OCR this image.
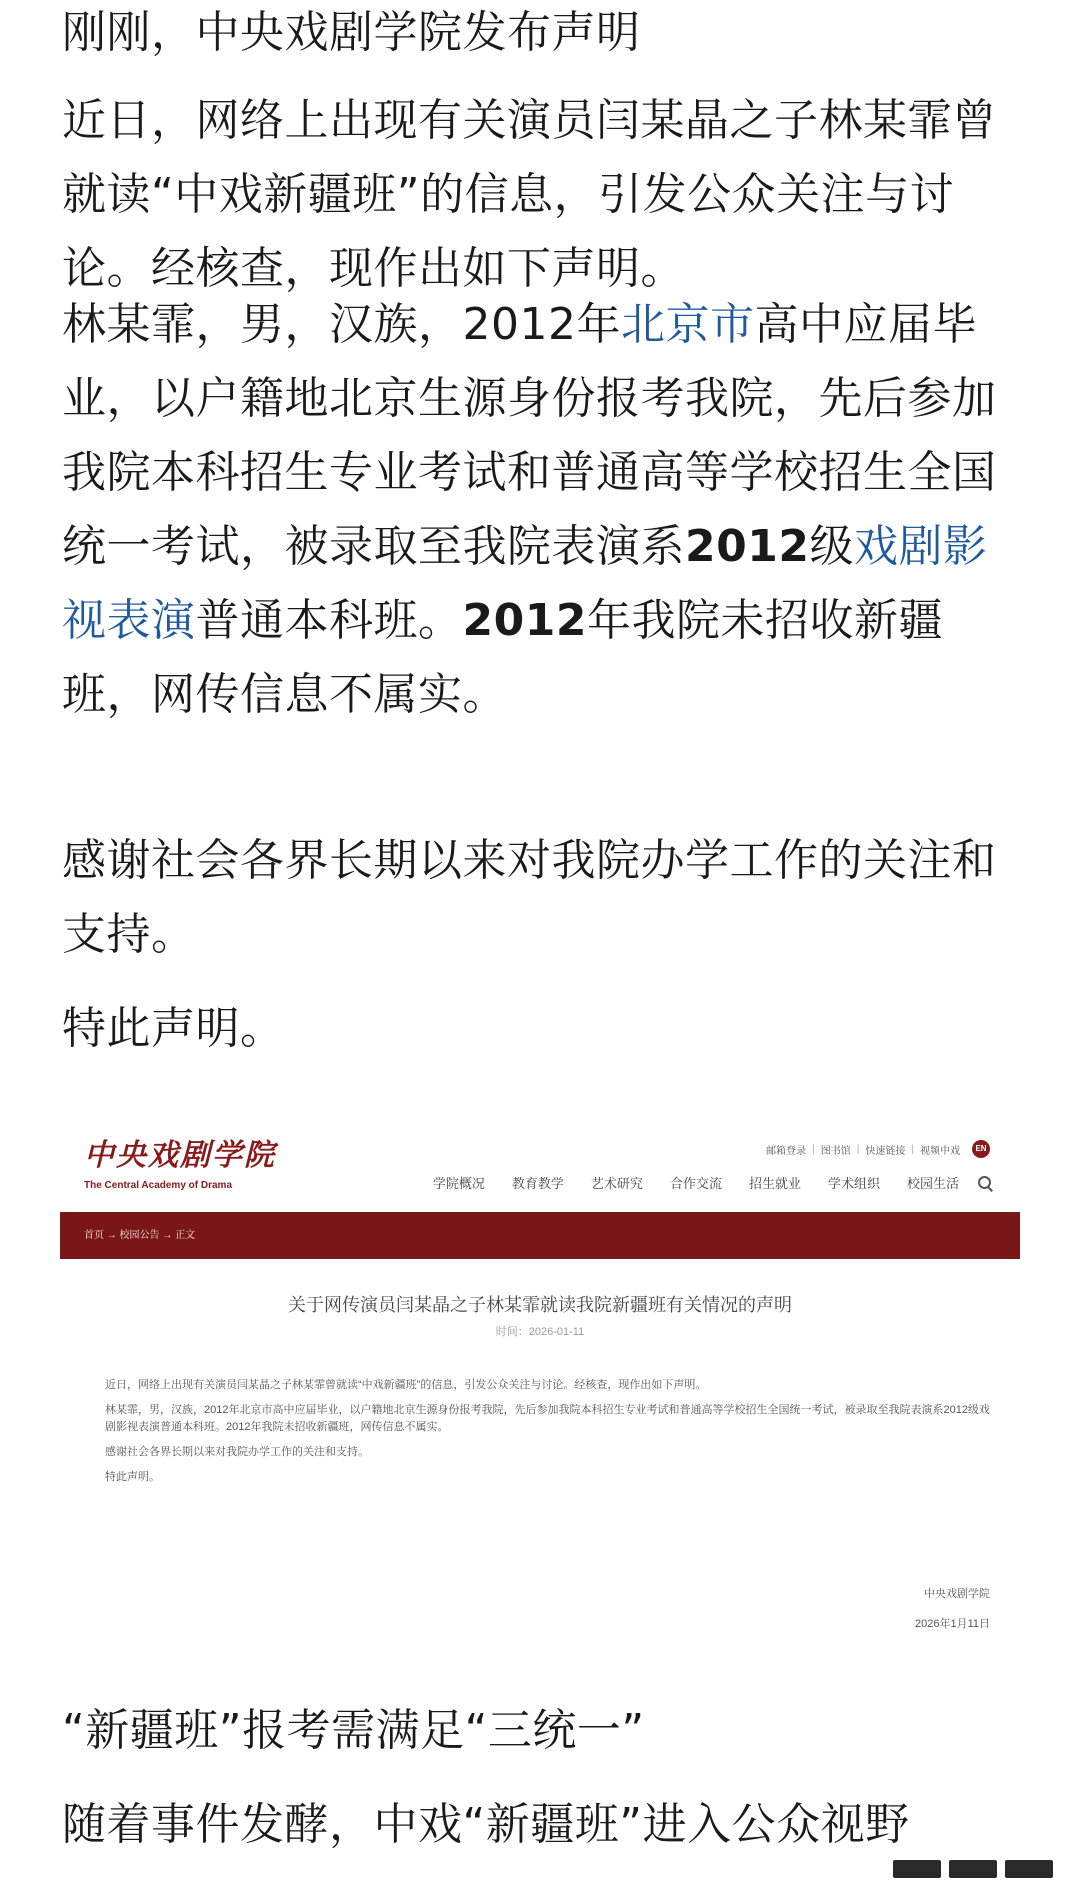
刚刚，中央戏剧学院发布声明

近日，网络上出现有关演员闫某晶之子林某霏曾就读“中戏新疆班”的信息，引发公众关注与讨论。经核查，现作出如下声明。

林某霏，男，汉族，2012年北京市高中应届毕业，以户籍地北京生源身份报考我院，先后参加我院本科招生专业考试和普通高等学校招生全国统一考试，被录取至我院表演系2012级戏剧影视表演普通本科班。2012年我院未招收新疆班，网传信息不属实。

感谢社会各界长期以来对我院办学工作的关注和支持。

特此声明。

“新疆班”报考需满足“三统一”

随着事件发酵，中戏“新疆班”进入公众视野

中央戏剧学院
The Central Academy of Drama
邮箱登录 | 图书馆 | 快速链接 | 视频中戏	EN
学院概况 教育教学 艺术研究 合作交流 招生就业 学术组织 校园生活
首页 → 校园公告 → 正文
关于网传演员闫某晶之子林某霏就读我院新疆班有关情况的声明
时间：2026-01-11

近日，网络上出现有关演员闫某晶之子林某霏曾就读“中戏新疆班”的信息，引发公众关注与讨论。经核查，现作出如下声明。

林某霏，男，汉族，2012年北京市高中应届毕业，以户籍地北京生源身份报考我院，先后参加我院本科招生专业考试和普通高等学校招生全国统一考试，被录取至我院表演系2012级戏剧影视表演普通本科班。2012年我院未招收新疆班，网传信息不属实。

感谢社会各界长期以来对我院办学工作的关注和支持。

特此声明。

中央戏剧学院
2026年1月11日
